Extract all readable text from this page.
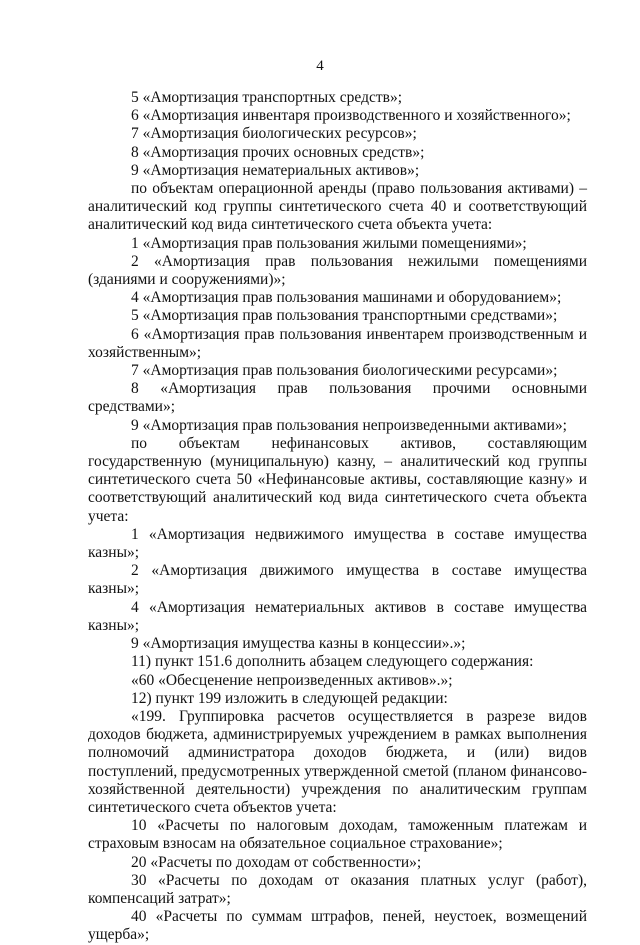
4

5 «Амортизация транспортных средств»;

6 «Амортизация инвентаря производственного и хозяйственного»;

7 «Амортизация биологических ресурсов»;

8 «Амортизация прочих основных средств»;

9 «Амортизация нематериальных активов»;

по объектам операционной аренды (право пользования активами) – аналитический код группы синтетического счета 40 и соответствующий аналитический код вида синтетического счета объекта учета:

1 «Амортизация прав пользования жилыми помещениями»;

2 «Амортизация прав пользования нежилыми помещениями (зданиями и сооружениями)»;

4 «Амортизация прав пользования машинами и оборудованием»;

5 «Амортизация прав пользования транспортными средствами»;

6 «Амортизация прав пользования инвентарем производственным и хозяйственным»;

7 «Амортизация прав пользования биологическими ресурсами»;

8 «Амортизация прав пользования прочими основными средствами»;

9 «Амортизация прав пользования непроизведенными активами»;

по объектам нефинансовых активов, составляющим государственную (муниципальную) казну, – аналитический код группы синтетического счета 50 «Нефинансовые активы, составляющие казну» и соответствующий аналитический код вида синтетического счета объекта учета:

1 «Амортизация недвижимого имущества в составе имущества казны»;

2 «Амортизация движимого имущества в составе имущества казны»;

4 «Амортизация нематериальных активов в составе имущества казны»;

9 «Амортизация имущества казны в концессии».»;

11) пункт 151.6 дополнить абзацем следующего содержания:

«60 «Обесценение непроизведенных активов».»;

12) пункт 199 изложить в следующей редакции:

«199. Группировка расчетов осуществляется в разрезе видов доходов бюджета, администрируемых учреждением в рамках выполнения полномочий администратора доходов бюджета, и (или) видов поступлений, предусмотренных утвержденной сметой (планом финансово-хозяйственной деятельности) учреждения по аналитическим группам синтетического счета объектов учета:

10 «Расчеты по налоговым доходам, таможенным платежам и страховым взносам на обязательное социальное страхование»;

20 «Расчеты по доходам от собственности»;

30 «Расчеты по доходам от оказания платных услуг (работ), компенсаций затрат»;

40 «Расчеты по суммам штрафов, пеней, неустоек, возмещений ущерба»;
